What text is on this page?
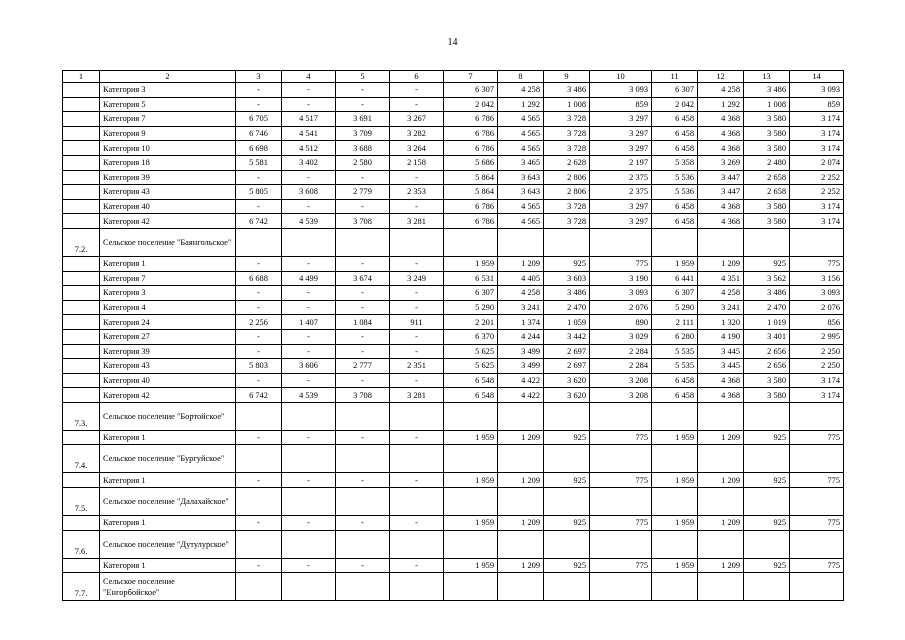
14
1	2	3	4	5	6	7	8	9	10	11	12	13	14
	Категория 3	-	-	-	-	6 307	4 258	3 486	3 093	6 307	4 258	3 486	3 093
	Категория 5	-	-	-	-	2 042	1 292	1 008	859	2 042	1 292	1 008	859
	Категория 7	6 705	4 517	3 691	3 267	6 786	4 565	3 728	3 297	6 458	4 368	3 580	3 174
	Категория 9	6 746	4 541	3 709	3 282	6 786	4 565	3 728	3 297	6 458	4 368	3 580	3 174
	Категория 10	6 698	4 512	3 688	3 264	6 786	4 565	3 728	3 297	6 458	4 368	3 580	3 174
	Категория 18	5 581	3 402	2 580	2 158	5 686	3 465	2 628	2 197	5 358	3 269	2 480	2 074
	Категория 39	-	-	-	-	5 864	3 643	2 806	2 375	5 536	3 447	2 658	2 252
	Категория 43	5 805	3 608	2 779	2 353	5 864	3 643	2 806	2 375	5 536	3 447	2 658	2 252
	Категория 40	-	-	-	-	6 786	4 565	3 728	3 297	6 458	4 368	3 580	3 174
	Категория 42	6 742	4 539	3 708	3 281	6 786	4 565	3 728	3 297	6 458	4 368	3 580	3 174
7.2.	Сельское поселение "Баянгольское"												
	Категория 1	-	-	-	-	1 959	1 209	925	775	1 959	1 209	925	775
	Категория 7	6 688	4 499	3 674	3 249	6 531	4 405	3 603	3 190	6 441	4 351	3 562	3 156
	Категория 3	-	-	-	-	6 307	4 258	3 486	3 093	6 307	4 258	3 486	3 093
	Категория 4	-	-	-	-	5 290	3 241	2 470	2 076	5 290	3 241	2 470	2 076
	Категория 24	2 256	1 407	1 084	911	2 201	1 374	1 059	890	2 111	1 320	1 019	856
	Категория 27	-	-	-	-	6 370	4 244	3 442	3 029	6 280	4 190	3 401	2 995
	Категория 39	-	-	-	-	5 625	3 499	2 697	2 284	5 535	3 445	2 656	2 250
	Категория 43	5 803	3 606	2 777	2 351	5 625	3 499	2 697	2 284	5 535	3 445	2 656	2 250
	Категория 40	-	-	-	-	6 548	4 422	3 620	3 208	6 458	4 368	3 580	3 174
	Категория 42	6 742	4 539	3 708	3 281	6 548	4 422	3 620	3 208	6 458	4 368	3 580	3 174
7.3.	Сельское поселение "Бортойское"												
	Категория 1	-	-	-	-	1 959	1 209	925	775	1 959	1 209	925	775
7.4.	Сельское поселение "Бургуйское"												
	Категория 1	-	-	-	-	1 959	1 209	925	775	1 959	1 209	925	775
7.5.	Сельское поселение "Далахайское"												
	Категория 1	-	-	-	-	1 959	1 209	925	775	1 959	1 209	925	775
7.6.	Сельское поселение "Дутулурское"												
	Категория 1	-	-	-	-	1 959	1 209	925	775	1 959	1 209	925	775
7.7.	Сельское поселение "Енгорбойское"												
